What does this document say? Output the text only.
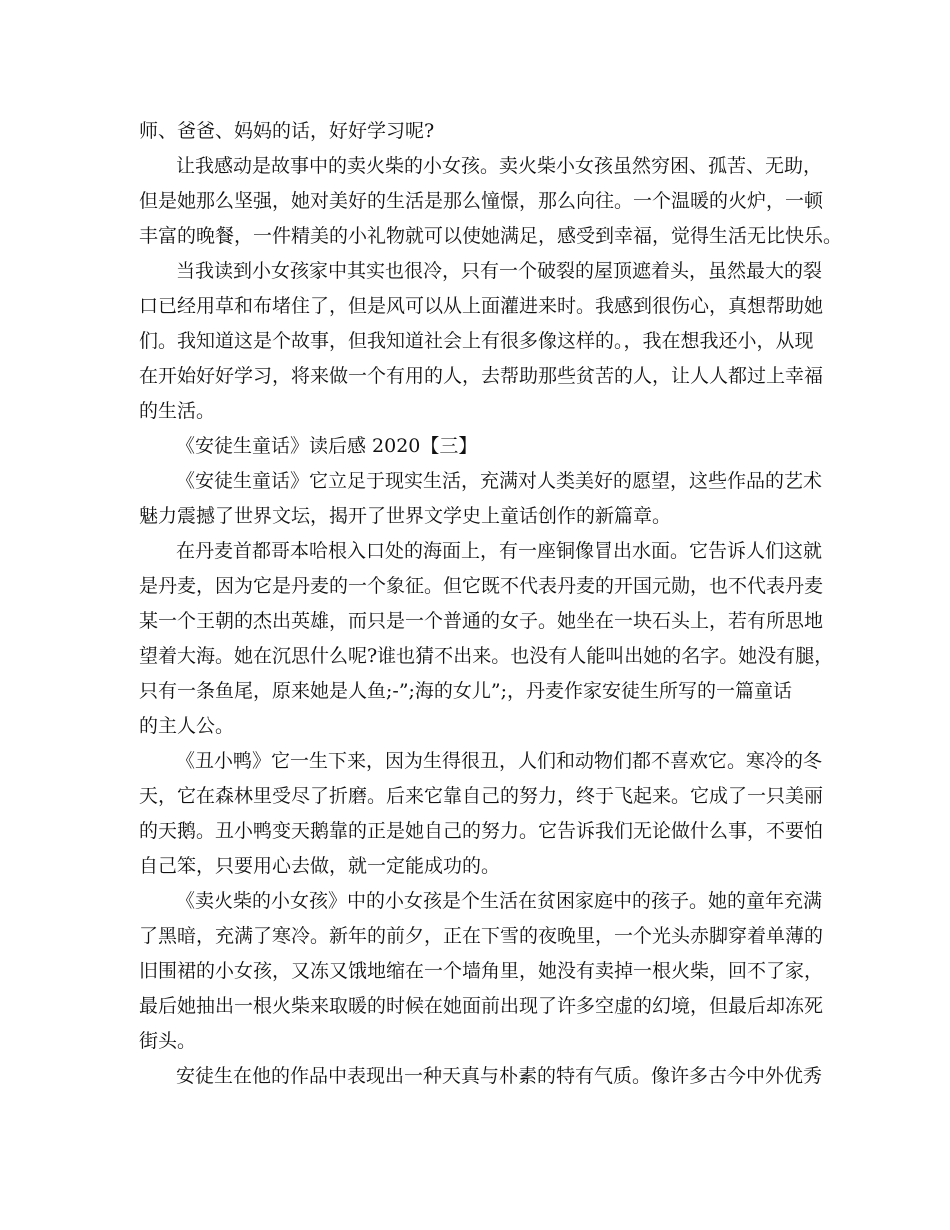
师、爸爸、妈妈的话，好好学习呢?
让我感动是故事中的卖火柴的小女孩。卖火柴小女孩虽然穷困、孤苦、无助，
但是她那么坚强，她对美好的生活是那么憧憬，那么向往。一个温暖的火炉，一顿
丰富的晚餐，一件精美的小礼物就可以使她满足，感受到幸福，觉得生活无比快乐。
当我读到小女孩家中其实也很冷，只有一个破裂的屋顶遮着头，虽然最大的裂
口已经用草和布堵住了，但是风可以从上面灌进来时。我感到很伤心，真想帮助她
们。我知道这是个故事，但我知道社会上有很多像这样的。，我在想我还小，从现
在开始好好学习，将来做一个有用的人，去帮助那些贫苦的人，让人人都过上幸福
的生活。
《安徒生童话》读后感 2020【三】
《安徒生童话》它立足于现实生活，充满对人类美好的愿望，这些作品的艺术
魅力震撼了世界文坛，揭开了世界文学史上童话创作的新篇章。
在丹麦首都哥本哈根入口处的海面上，有一座铜像冒出水面。它告诉人们这就
是丹麦，因为它是丹麦的一个象征。但它既不代表丹麦的开国元勋，也不代表丹麦
某一个王朝的杰出英雄，而只是一个普通的女子。她坐在一块石头上，若有所思地
望着大海。她在沉思什么呢?谁也猜不出来。也没有人能叫出她的名字。她没有腿，
只有一条鱼尾，原来她是人鱼;-”;海的女儿”;，丹麦作家安徒生所写的一篇童话
的主人公。
《丑小鸭》它一生下来，因为生得很丑，人们和动物们都不喜欢它。寒冷的冬
天，它在森林里受尽了折磨。后来它靠自己的努力，终于飞起来。它成了一只美丽
的天鹅。丑小鸭变天鹅靠的正是她自己的努力。它告诉我们无论做什么事，不要怕
自己笨，只要用心去做，就一定能成功的。
《卖火柴的小女孩》中的小女孩是个生活在贫困家庭中的孩子。她的童年充满
了黑暗，充满了寒冷。新年的前夕，正在下雪的夜晚里，一个光头赤脚穿着单薄的
旧围裙的小女孩，又冻又饿地缩在一个墙角里，她没有卖掉一根火柴，回不了家，
最后她抽出一根火柴来取暖的时候在她面前出现了许多空虚的幻境，但最后却冻死
街头。
安徒生在他的作品中表现出一种天真与朴素的特有气质。像许多古今中外优秀
